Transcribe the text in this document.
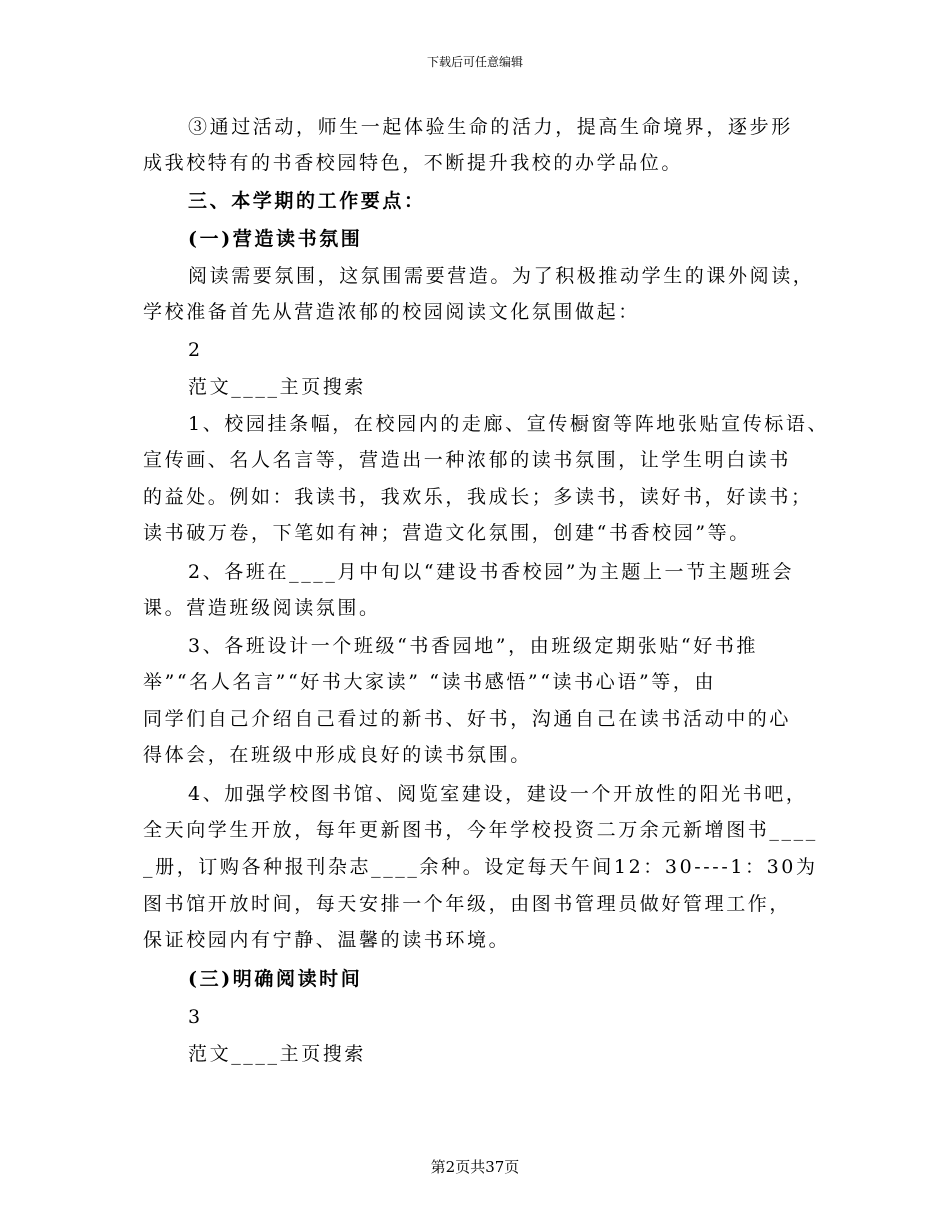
下载后可任意编辑
③通过活动，师生一起体验生命的活力，提高生命境界，逐步形
成我校特有的书香校园特色，不断提升我校的办学品位。
三、本学期的工作要点：
(一)营造读书氛围
阅读需要氛围，这氛围需要营造。为了积极推动学生的课外阅读，
学校准备首先从营造浓郁的校园阅读文化氛围做起：
2
范文____主页搜索
1、校园挂条幅，在校园内的走廊、宣传橱窗等阵地张贴宣传标语、
宣传画、名人名言等，营造出一种浓郁的读书氛围，让学生明白读书
的益处。例如：我读书，我欢乐，我成长；多读书，读好书，好读书；
读书破万卷，下笔如有神；营造文化氛围，创建“书香校园”等。
2、各班在____月中旬以“建设书香校园”为主题上一节主题班会
课。营造班级阅读氛围。
3、各班设计一个班级“书香园地”，由班级定期张贴“好书推
举”“名人名言”“好书大家读” “读书感悟”“读书心语”等，由
同学们自己介绍自己看过的新书、好书，沟通自己在读书活动中的心
得体会，在班级中形成良好的读书氛围。
4、加强学校图书馆、阅览室建设，建设一个开放性的阳光书吧，
全天向学生开放，每年更新图书，今年学校投资二万余元新增图书____
_册，订购各种报刊杂志____余种。设定每天午间12：30----1：30为
图书馆开放时间，每天安排一个年级，由图书管理员做好管理工作，
保证校园内有宁静、温馨的读书环境。
(三)明确阅读时间
3
范文____主页搜索
第2页共37页
